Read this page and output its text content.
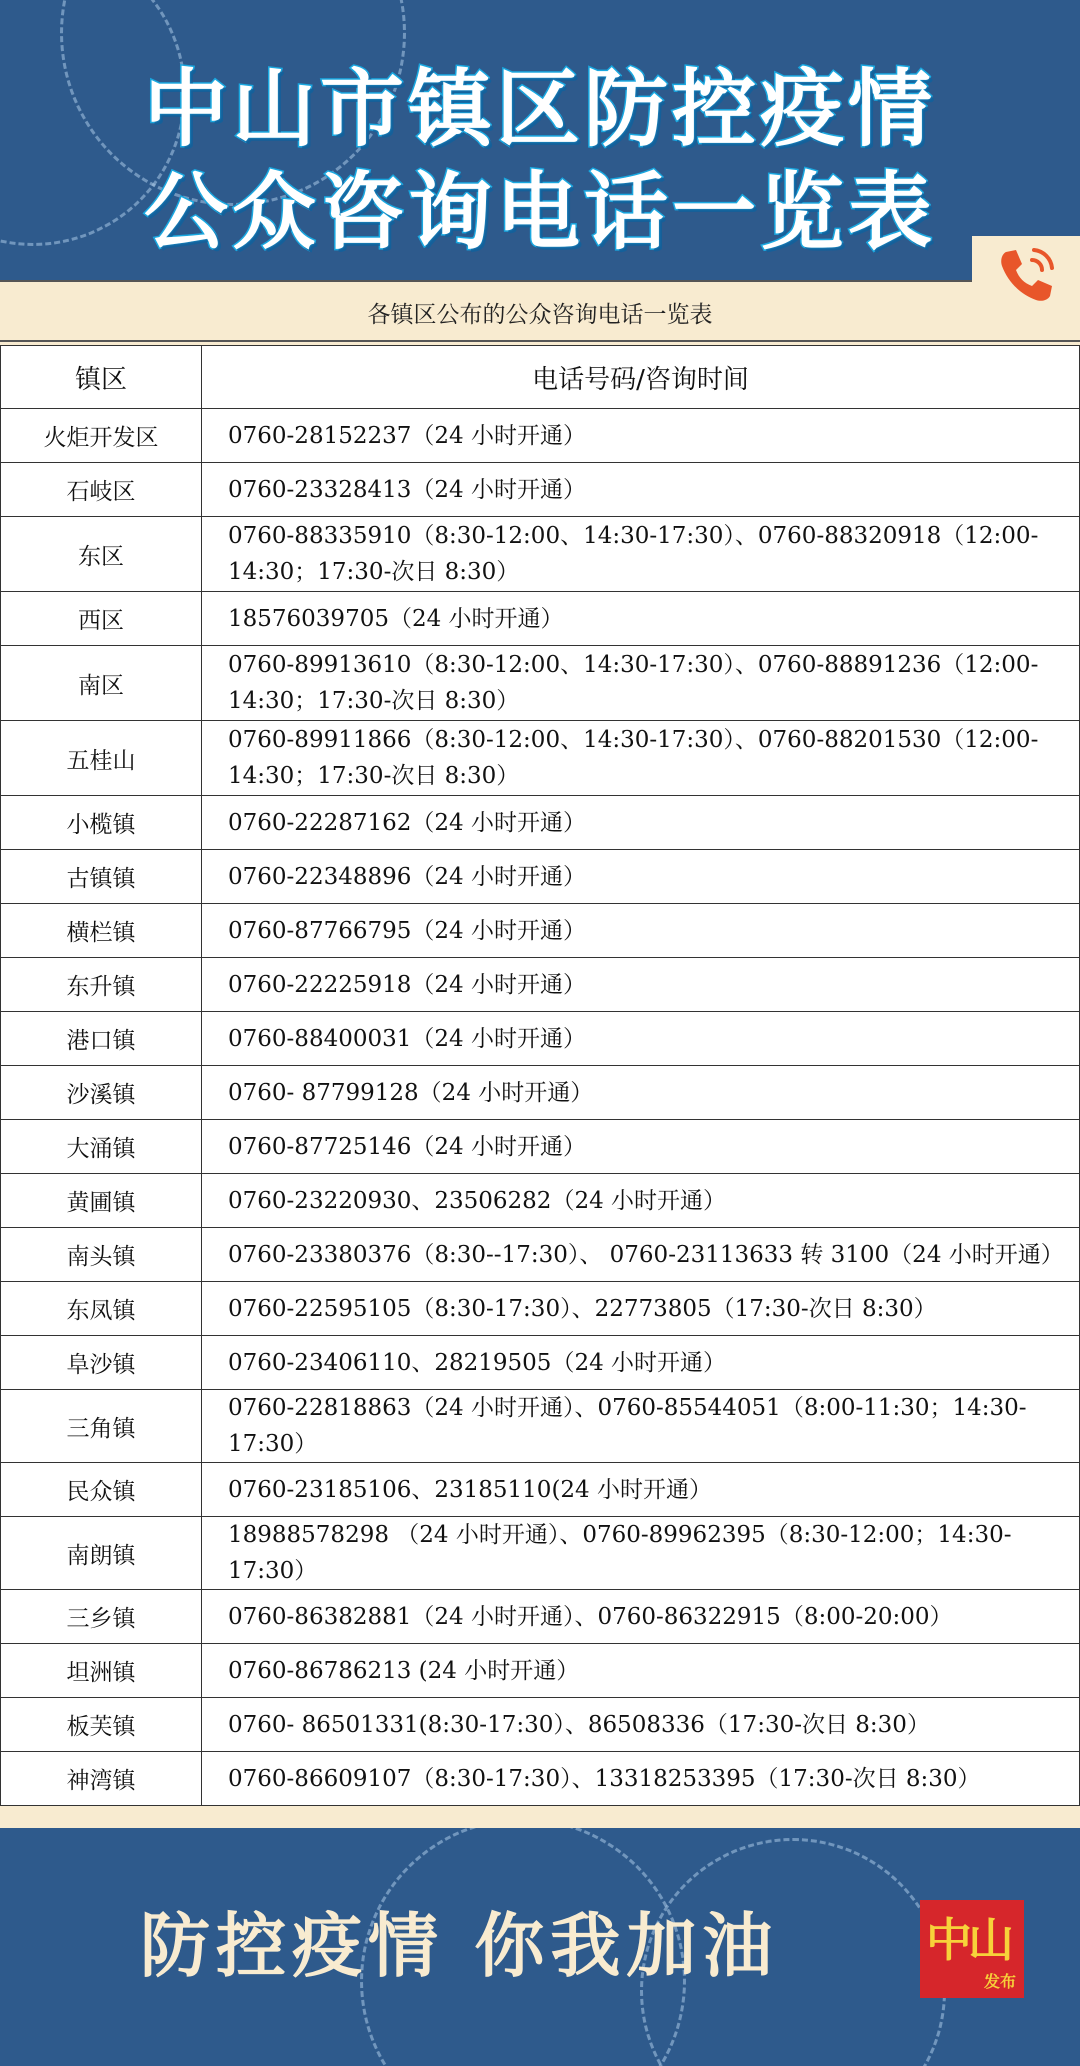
中山市镇区防控疫情
公众咨询电话一览表
各镇区公布的公众咨询电话一览表
镇区	电话号码/咨询时间
火炬开发区	0760-28152237（24 小时开通）
石岐区	0760-23328413（24 小时开通）
东区	0760-88335910（8:30-12:00、14:30-17:30）、0760-88320918（12:00-14:30；17:30-次日 8:30）
西区	18576039705（24 小时开通）
南区	0760-89913610（8:30-12:00、14:30-17:30）、0760-88891236（12:00-14:30；17:30-次日 8:30）
五桂山	0760-89911866（8:30-12:00、14:30-17:30）、0760-88201530（12:00-14:30；17:30-次日 8:30）
小榄镇	0760-22287162（24 小时开通）
古镇镇	0760-22348896（24 小时开通）
横栏镇	0760-87766795（24 小时开通）
东升镇	0760-22225918（24 小时开通）
港口镇	0760-88400031（24 小时开通）
沙溪镇	0760- 87799128（24 小时开通）
大涌镇	0760-87725146（24 小时开通）
黄圃镇	0760-23220930、23506282（24 小时开通）
南头镇	0760-23380376（8:30--17:30）、 0760-23113633 转 3100（24 小时开通）
东凤镇	0760-22595105（8:30-17:30）、22773805（17:30-次日 8:30）
阜沙镇	0760-23406110、28219505（24 小时开通）
三角镇	0760-22818863（24 小时开通）、0760-85544051（8:00-11:30；14:30-17:30）
民众镇	0760-23185106、23185110(24 小时开通）
南朗镇	18988578298 （24 小时开通）、0760-89962395（8:30-12:00；14:30-17:30）
三乡镇	0760-86382881（24 小时开通）、0760-86322915（8:00-20:00）
坦洲镇	0760-86786213 (24 小时开通）
板芙镇	0760- 86501331(8:30-17:30）、86508336（17:30-次日 8:30）
神湾镇	0760-86609107（8:30-17:30）、13318253395（17:30-次日 8:30）
防控疫情 你我加油	中山
发布
